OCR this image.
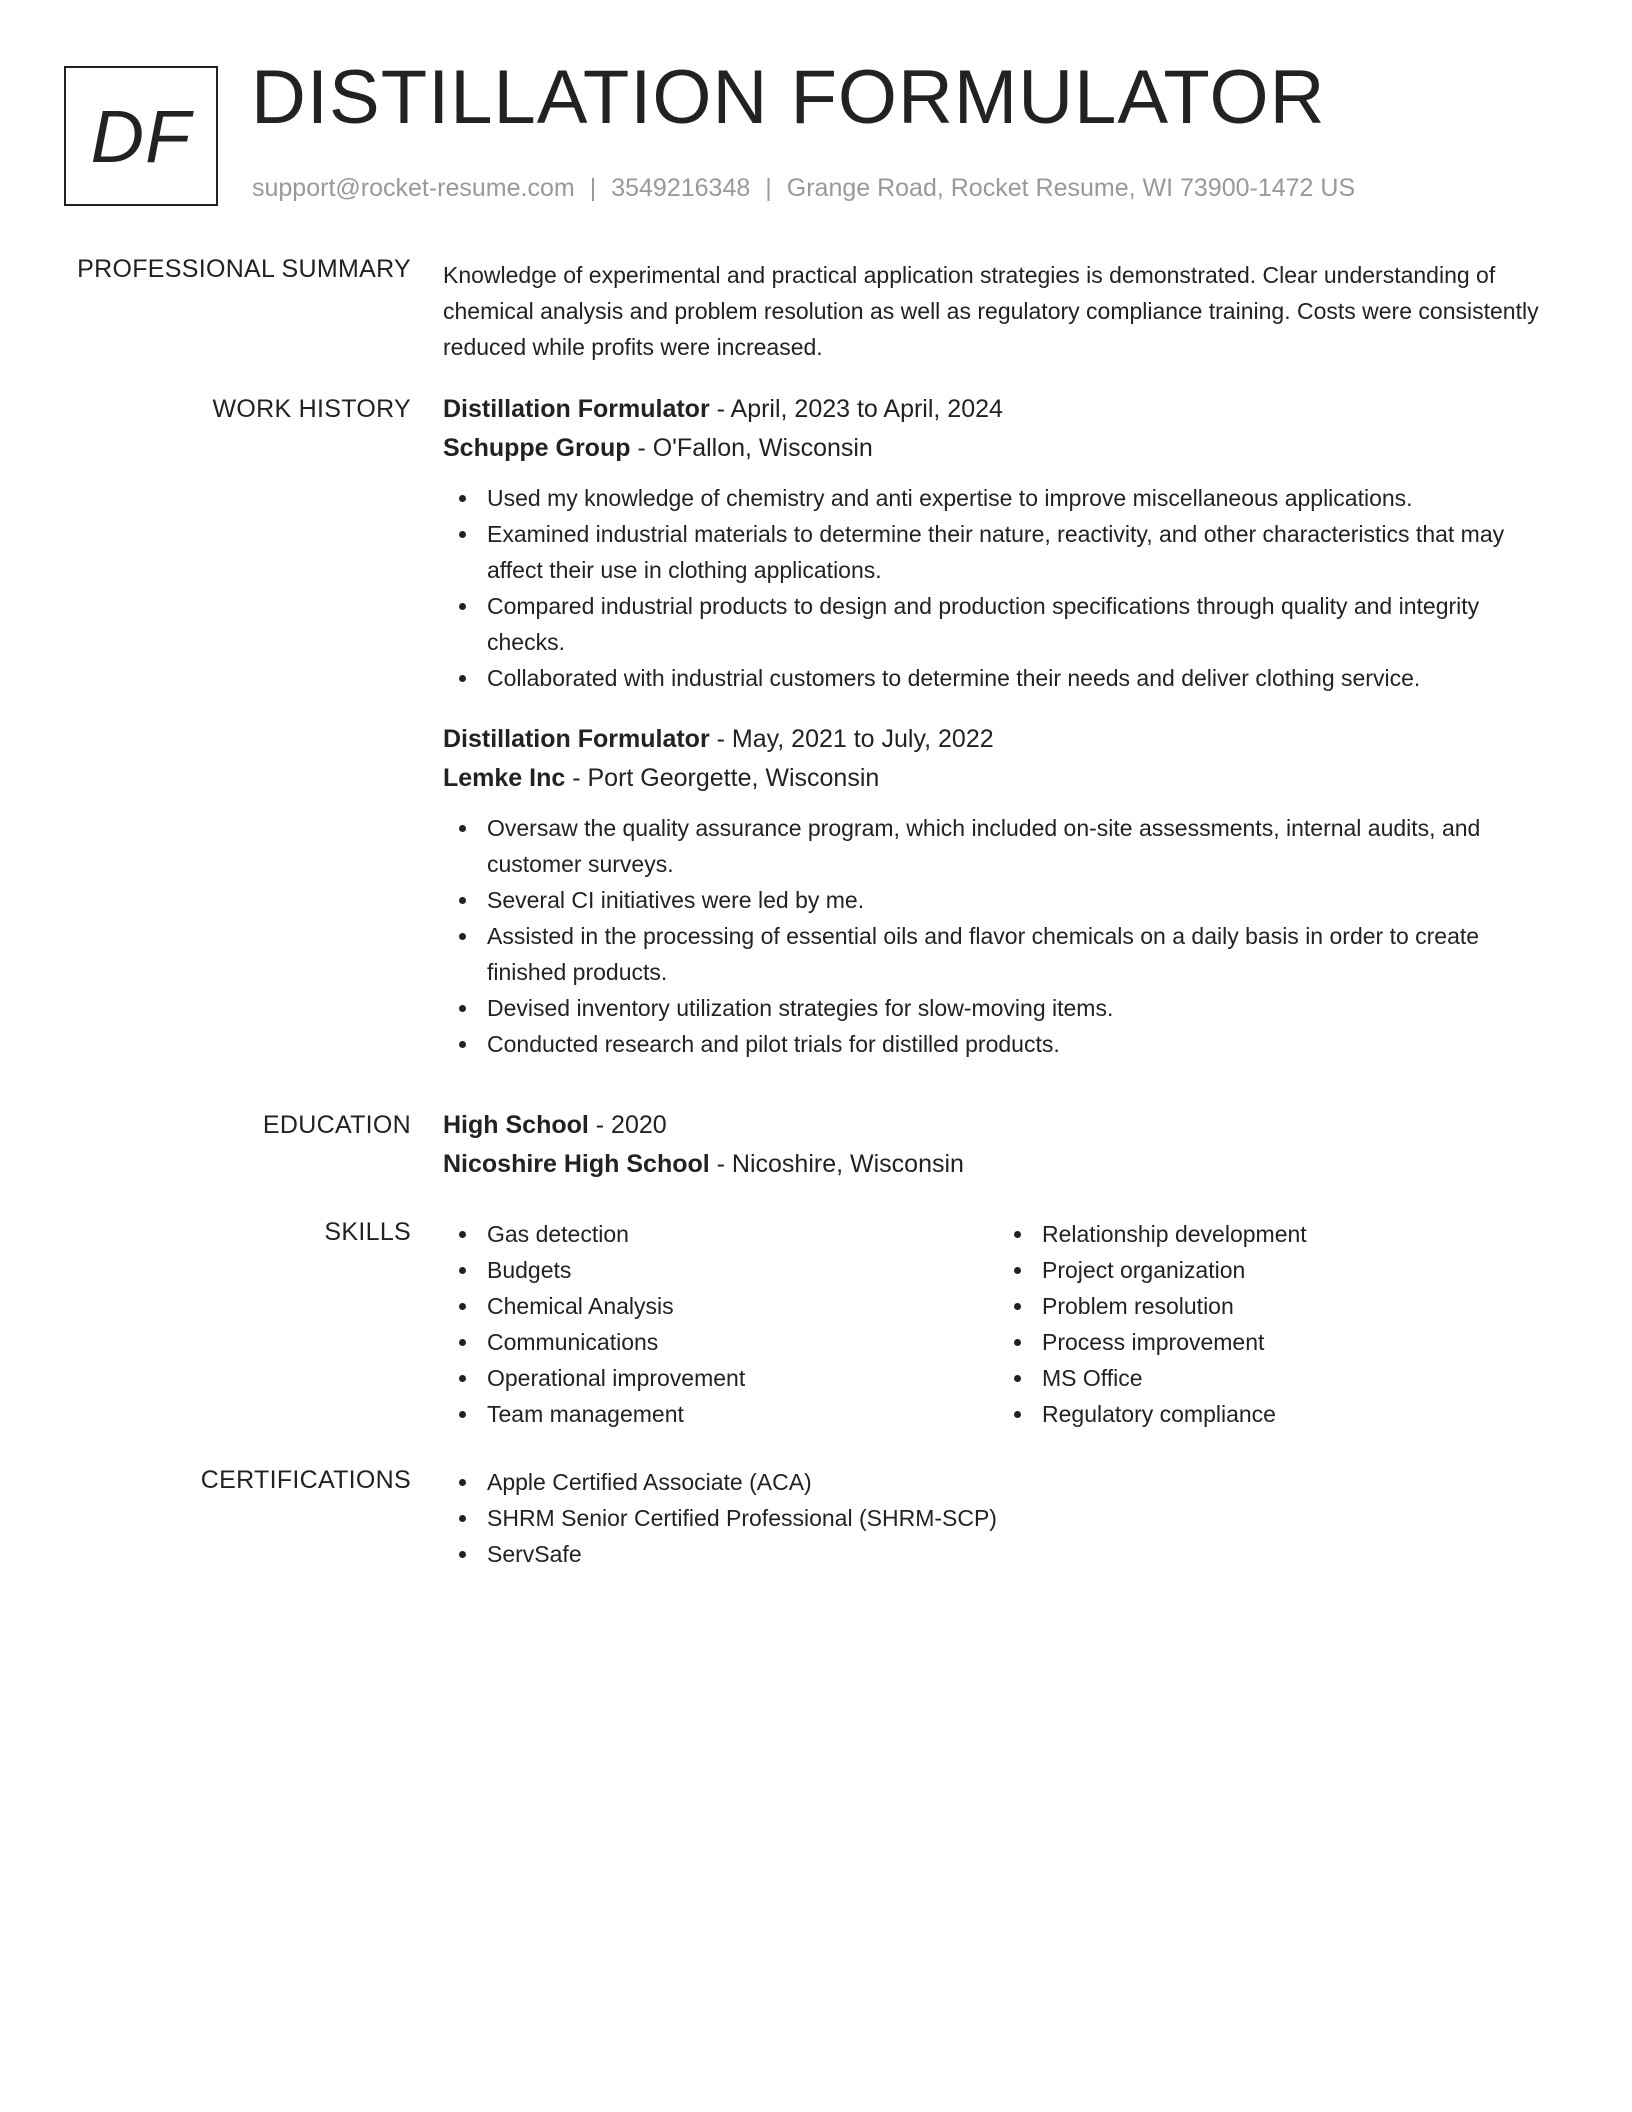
DF DISTILLATION FORMULATOR
support@rocket-resume.com | 3549216348 | Grange Road, Rocket Resume, WI 73900-1472 US
PROFESSIONAL SUMMARY Knowledge of experimental and practical application strategies is demonstrated. Clear understanding of chemical analysis and problem resolution as well as regulatory compliance training. Costs were consistently reduced while profits were increased.

WORK HISTORY Distillation Formulator - April, 2023 to April, 2024
Schuppe Group - O'Fallon, Wisconsin
Used my knowledge of chemistry and anti expertise to improve miscellaneous applications.
Examined industrial materials to determine their nature, reactivity, and other characteristics that may affect their use in clothing applications.
Compared industrial products to design and production specifications through quality and integrity checks.
Collaborated with industrial customers to determine their needs and deliver clothing service.
Distillation Formulator - May, 2021 to July, 2022
Lemke Inc - Port Georgette, Wisconsin
Oversaw the quality assurance program, which included on-site assessments, internal audits, and customer surveys.
Several CI initiatives were led by me.
Assisted in the processing of essential oils and flavor chemicals on a daily basis in order to create finished products.
Devised inventory utilization strategies for slow-moving items.
Conducted research and pilot trials for distilled products.
EDUCATION High School - 2020
Nicoshire High School - Nicoshire, Wisconsin
SKILLS	Gas detection
Budgets
Chemical Analysis
Communications
Operational improvement
Team management
Relationship development
Project organization
Problem resolution
Process improvement
MS Office
Regulatory compliance
CERTIFICATIONS	Apple Certified Associate (ACA)
SHRM Senior Certified Professional (SHRM-SCP)
ServSafe
